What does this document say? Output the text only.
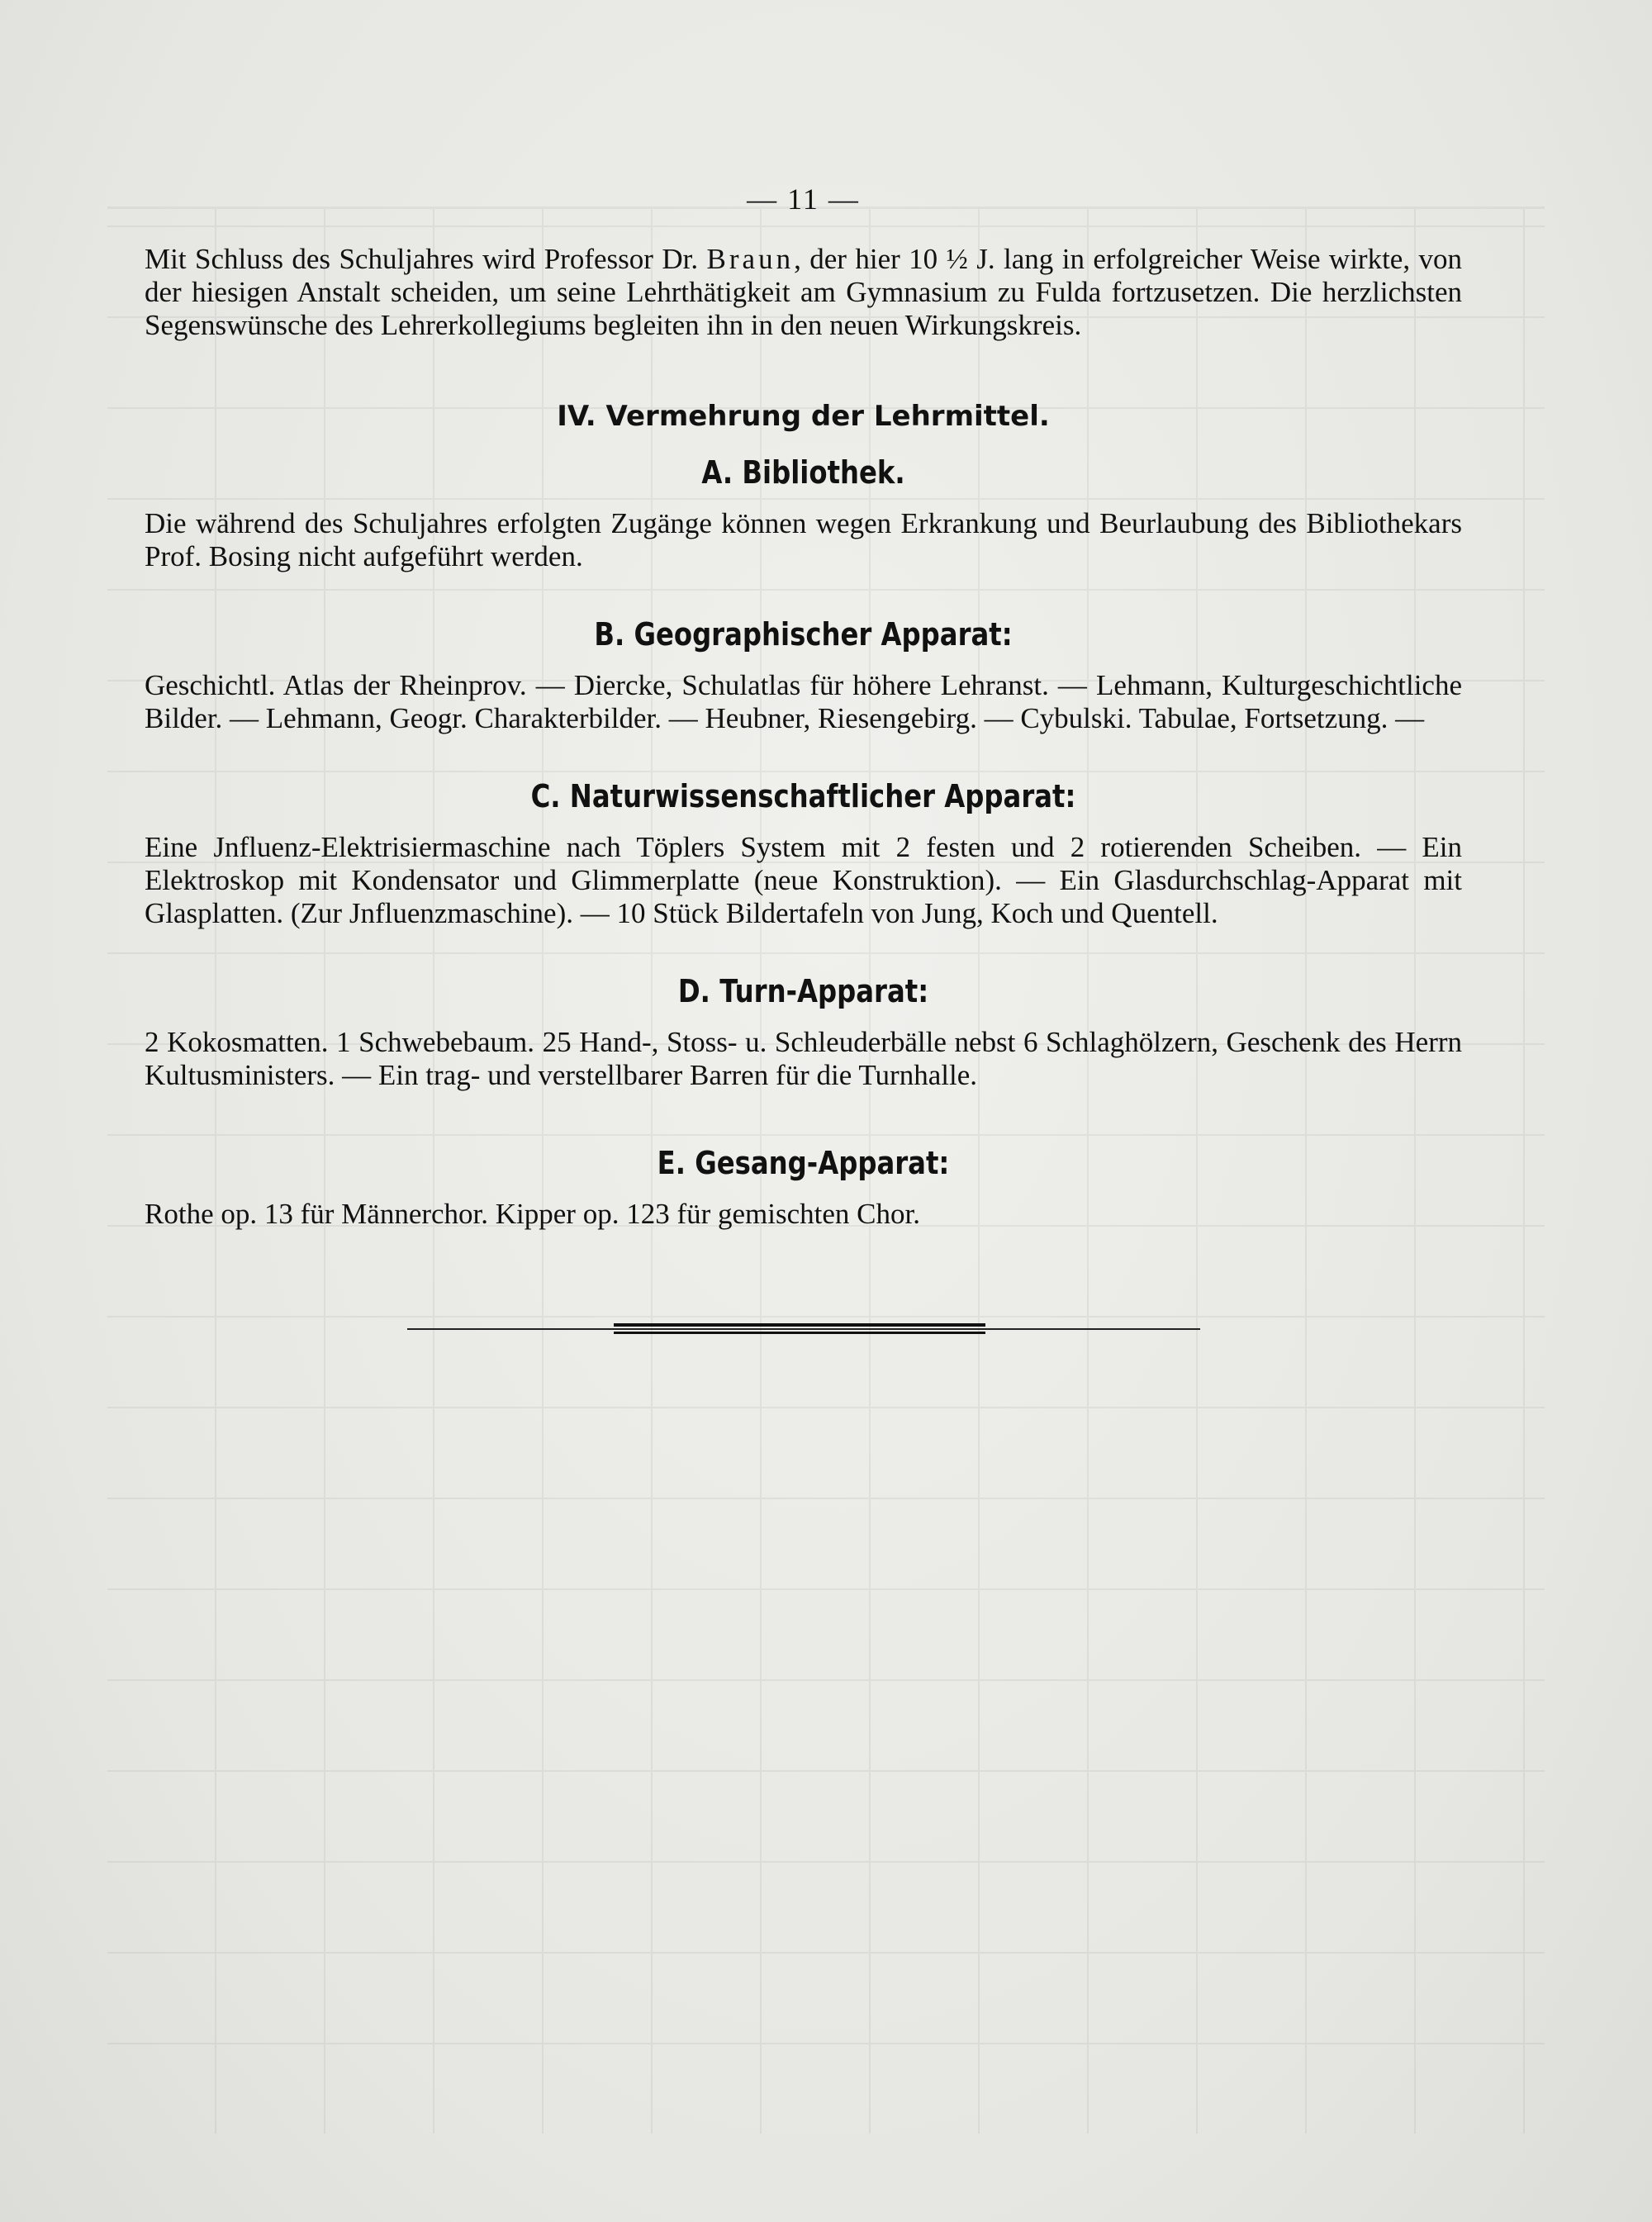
— 11 —

Mit Schluss des Schuljahres wird Professor Dr. Braun, der hier 10 ½ J. lang in erfolgreicher Weise wirkte, von der hiesigen Anstalt scheiden, um seine Lehrthätigkeit am Gymnasium zu Fulda fortzusetzen. Die herzlichsten Segenswünsche des Lehrerkollegiums begleiten ihn in den neuen Wirkungskreis.

IV. Vermehrung der Lehrmittel.
A. Bibliothek.

Die während des Schuljahres erfolgten Zugänge können wegen Erkrankung und Beurlaubung des Bibliothekars Prof. Bosing nicht aufgeführt werden.

B. Geographischer Apparat:

Geschichtl. Atlas der Rheinprov. — Diercke, Schulatlas für höhere Lehranst. — Lehmann, Kulturgeschichtliche Bilder. — Lehmann, Geogr. Charakterbilder. — Heubner, Riesengebirg. — Cybulski. Tabulae, Fortsetzung. —

C. Naturwissenschaftlicher Apparat:

Eine Jnfluenz-Elektrisiermaschine nach Töplers System mit 2 festen und 2 rotierenden Scheiben. — Ein Elektroskop mit Kondensator und Glimmerplatte (neue Konstruktion). — Ein Glasdurchschlag-Apparat mit Glasplatten. (Zur Jnfluenzmaschine). — 10 Stück Bildertafeln von Jung, Koch und Quentell.

D. Turn-Apparat:

2 Kokosmatten. 1 Schwebebaum. 25 Hand-, Stoss- u. Schleuderbälle nebst 6 Schlaghölzern, Geschenk des Herrn Kultusministers. — Ein trag- und verstellbarer Barren für die Turnhalle.

E. Gesang-Apparat:

Rothe op. 13 für Männerchor. Kipper op. 123 für gemischten Chor.
